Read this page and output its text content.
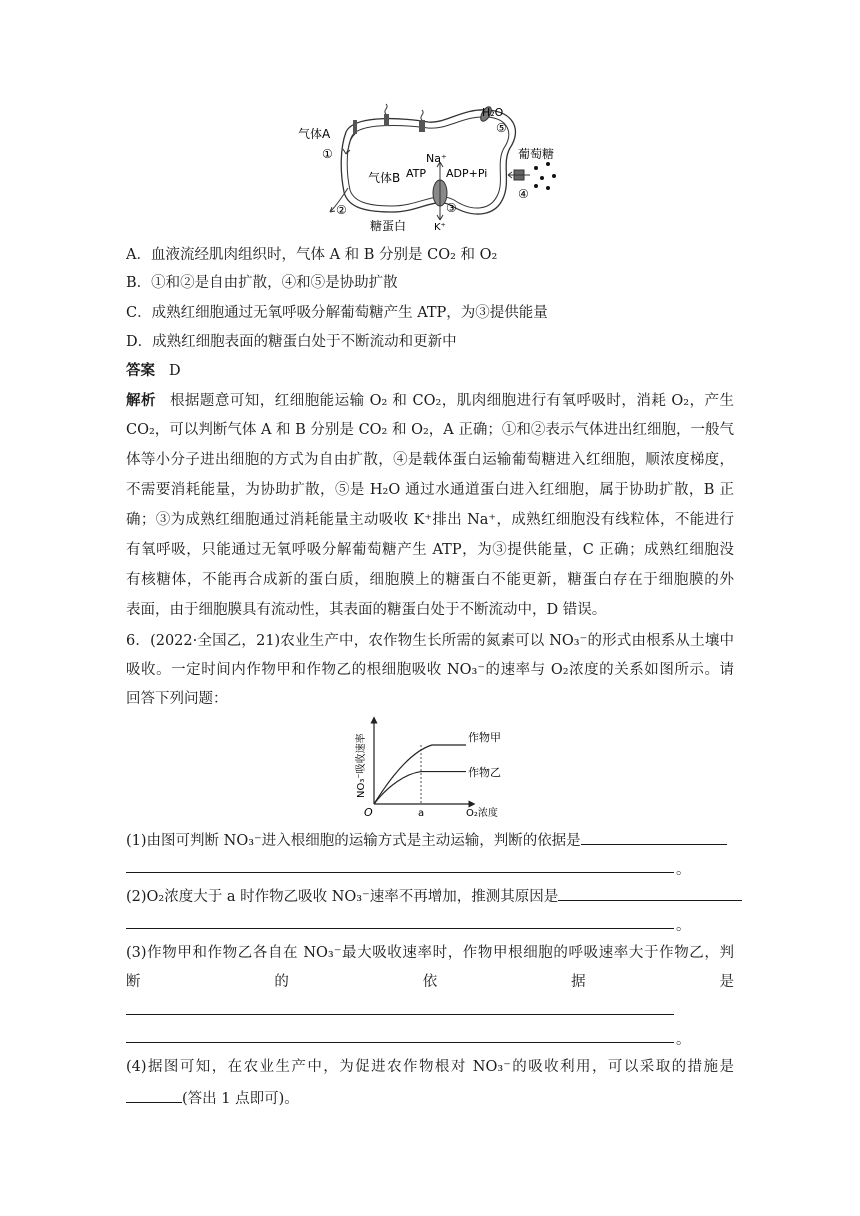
气体A
①
气体B
②
H₂O
⑤
葡萄糖
Na⁺
ATP ADP+Pi
④
③
K⁺
糖蛋白
A．血液流经肌肉组织时，气体 A 和 B 分别是 CO₂ 和 O₂
B．①和②是自由扩散，④和⑤是协助扩散
C．成熟红细胞通过无氧呼吸分解葡萄糖产生 ATP，为③提供能量
D．成熟红细胞表面的糖蛋白处于不断流动和更新中
答案 D
解析 根据题意可知，红细胞能运输 O₂ 和 CO₂，肌肉细胞进行有氧呼吸时，消耗 O₂，产生
CO₂，可以判断气体 A 和 B 分别是 CO₂ 和 O₂，A 正确；①和②表示气体进出红细胞，一般气
体等小分子进出细胞的方式为自由扩散，④是载体蛋白运输葡萄糖进入红细胞，顺浓度梯度，
不需要消耗能量，为协助扩散，⑤是 H₂O 通过水通道蛋白进入红细胞，属于协助扩散，B 正
确；③为成熟红细胞通过消耗能量主动吸收 K⁺排出 Na⁺，成熟红细胞没有线粒体，不能进行
有氧呼吸，只能通过无氧呼吸分解葡萄糖产生 ATP，为③提供能量，C 正确；成熟红细胞没
有核糖体，不能再合成新的蛋白质，细胞膜上的糖蛋白不能更新，糖蛋白存在于细胞膜的外
表面，由于细胞膜具有流动性，其表面的糖蛋白处于不断流动中，D 错误。
6．(2022·全国乙，21)农业生产中，农作物生长所需的氮素可以 NO₃⁻的形式由根系从土壤中
吸收。一定时间内作物甲和作物乙的根细胞吸收 NO₃⁻的速率与 O₂浓度的关系如图所示。请
回答下列问题：
NO₃⁻吸收速率
O	a	O₂浓度
作物甲
作物乙
(1)由图可判断 NO₃⁻进入根细胞的运输方式是主动运输，判断的依据是
。
(2)O₂浓度大于 a 时作物乙吸收 NO₃⁻速率不再增加，推测其原因是
。
(3)作物甲和作物乙各自在 NO₃⁻最大吸收速率时，作物甲根细胞的呼吸速率大于作物乙，判
断	的	依	据	是
。
(4)据图可知，在农业生产中，为促进农作物根对 NO₃⁻的吸收利用，可以采取的措施是
(答出 1 点即可)。
